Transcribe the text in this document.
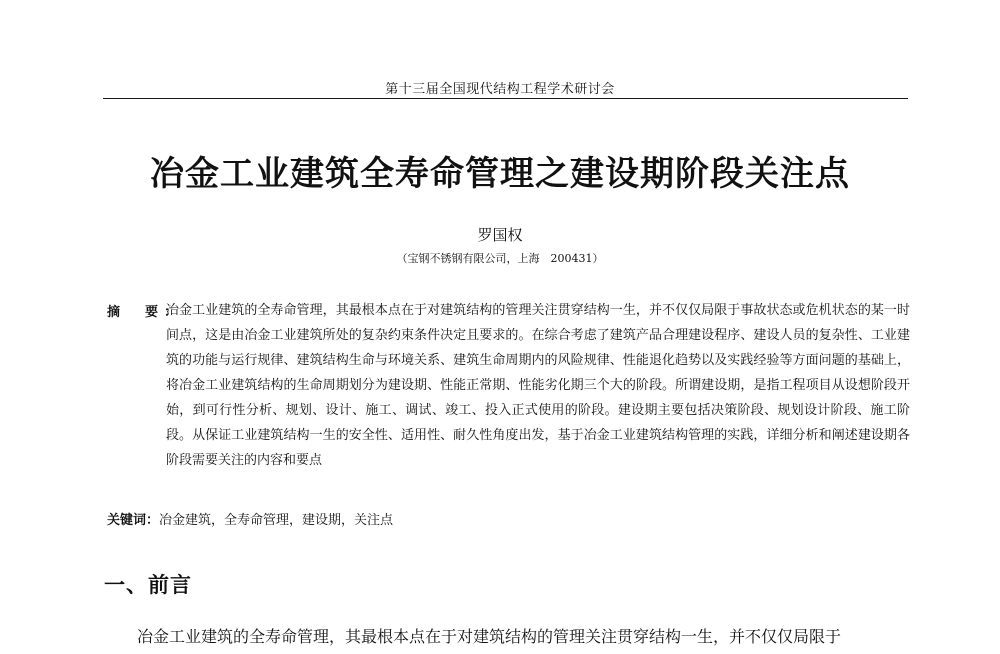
第十三届全国现代结构工程学术研讨会
冶金工业建筑全寿命管理之建设期阶段关注点
罗国权
（宝钢不锈钢有限公司，上海　200431）
摘　要：
冶金工业建筑的全寿命管理，其最根本点在于对建筑结构的管理关注贯穿结构一生，并不仅仅局限于事故状态或危机状态的某一时间点，这是由冶金工业建筑所处的复杂约束条件决定且要求的。在综合考虑了建筑产品合理建设程序、建设人员的复杂性、工业建筑的功能与运行规律、建筑结构生命与环境关系、建筑生命周期内的风险规律、性能退化趋势以及实践经验等方面问题的基础上，将冶金工业建筑结构的生命周期划分为建设期、性能正常期、性能劣化期三个大的阶段。所谓建设期，是指工程项目从设想阶段开始，到可行性分析、规划、设计、施工、调试、竣工、投入正式使用的阶段。建设期主要包括决策阶段、规划设计阶段、施工阶段。从保证工业建筑结构一生的安全性、适用性、耐久性角度出发，基于冶金工业建筑结构管理的实践，详细分析和阐述建设期各阶段需要关注的内容和要点
关键词：冶金建筑，全寿命管理，建设期，关注点
一、前言
冶金工业建筑的全寿命管理，其最根本点在于对建筑结构的管理关注贯穿结构一生，并不仅仅局限于
